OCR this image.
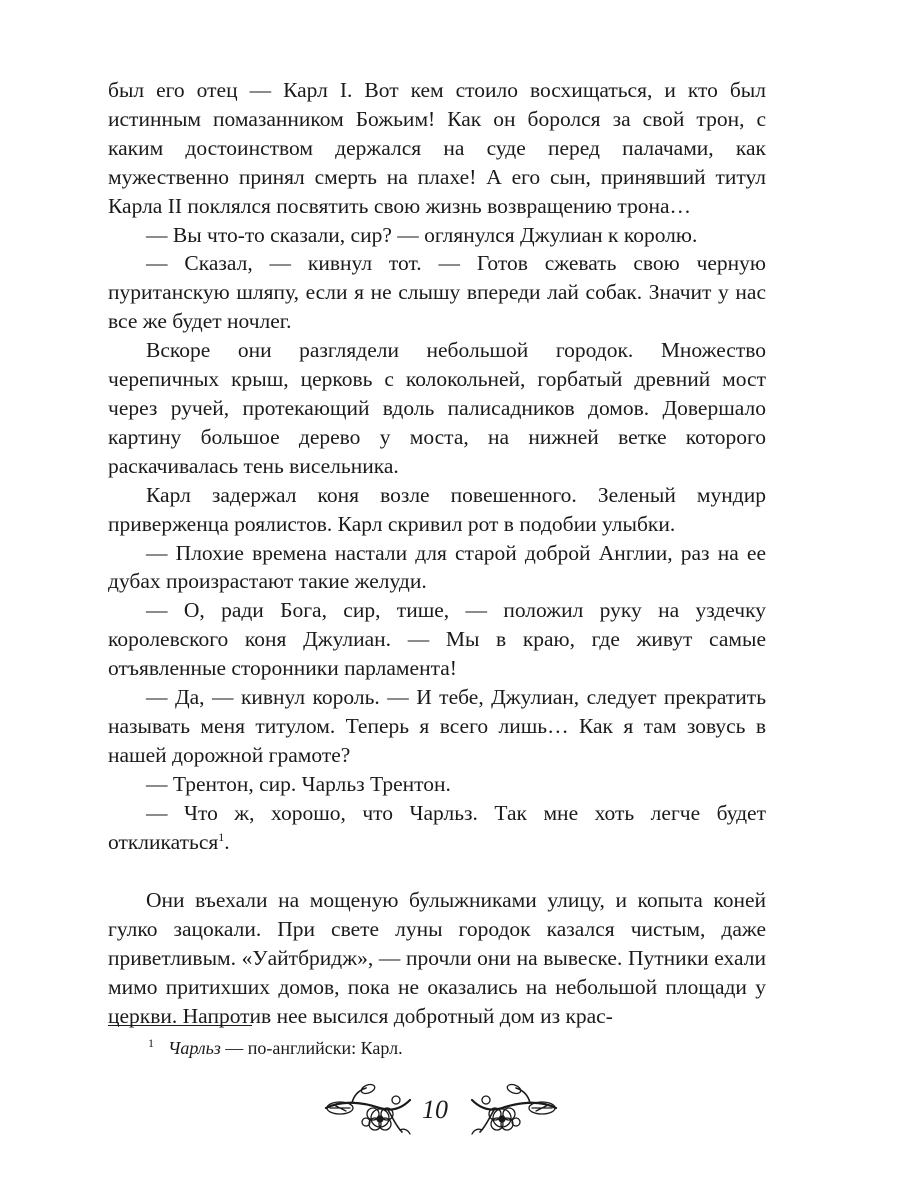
был его отец — Карл I. Вот кем стоило восхищаться, и кто был истинным помазанником Божьим! Как он боролся за свой трон, с каким достоинством держался на суде перед палачами, как мужественно принял смерть на плахе! А его сын, принявший титул Карла II поклялся посвятить свою жизнь возвращению трона…

— Вы что-то сказали, сир? — оглянулся Джулиан к королю.

— Сказал, — кивнул тот. — Готов сжевать свою черную пуританскую шляпу, если я не слышу впереди лай собак. Значит у нас все же будет ночлег.

Вскоре они разглядели небольшой городок. Множество черепичных крыш, церковь с колокольней, горбатый древний мост через ручей, протекающий вдоль палисадников домов. Довершало картину большое дерево у моста, на нижней ветке которого раскачивалась тень висельника.

Карл задержал коня возле повешенного. Зеленый мундир приверженца роялистов. Карл скривил рот в подобии улыбки.

— Плохие времена настали для старой доброй Англии, раз на ее дубах произрастают такие желуди.

— О, ради Бога, сир, тише, — положил руку на уздечку королевского коня Джулиан. — Мы в краю, где живут самые отъявленные сторонники парламента!

— Да, — кивнул король. — И тебе, Джулиан, следует прекратить называть меня титулом. Теперь я всего лишь… Как я там зовусь в нашей дорожной грамоте?

— Трентон, сир. Чарльз Трентон.

— Что ж, хорошо, что Чарльз. Так мне хоть легче будет откликаться$^1$.

Они въехали на мощеную булыжниками улицу, и копыта коней гулко зацокали. При свете луны городок казался чистым, даже приветливым. «Уайтбридж», — прочли они на вывеске. Путники ехали мимо притихших домов, пока не оказались на небольшой площади у церкви. Напротив нее высился добротный дом из крас-

$^1$ Чарльз — по-английски: Карл.
10
